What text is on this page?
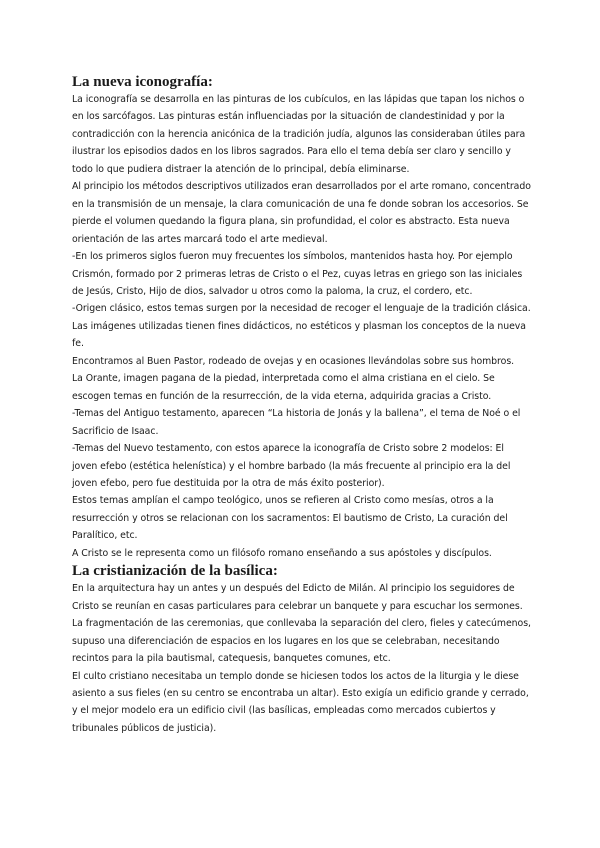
La nueva iconografía:

La iconografía se desarrolla en las pinturas de los cubículos, en las lápidas que tapan los nichos o en los sarcófagos. Las pinturas están influenciadas por la situación de clandestinidad y por la contradicción con la herencia anicónica de la tradición judía, algunos las consideraban útiles para ilustrar los episodios dados en los libros sagrados. Para ello el tema debía ser claro y sencillo y todo lo que pudiera distraer la atención de lo principal, debía eliminarse.

Al principio los métodos descriptivos utilizados eran desarrollados por el arte romano, concentrado en la transmisión de un mensaje, la clara comunicación de una fe donde sobran los accesorios. Se pierde el volumen quedando la figura plana, sin profundidad, el color es abstracto. Esta nueva orientación de las artes marcará todo el arte medieval.

-En los primeros siglos fueron muy frecuentes los símbolos, mantenidos hasta hoy. Por ejemplo Crismón, formado por 2 primeras letras de Cristo o el Pez, cuyas letras en griego son las iniciales de Jesús, Cristo, Hijo de dios, salvador u otros como la paloma, la cruz, el cordero, etc.

-Origen clásico, estos temas surgen por la necesidad de recoger el lenguaje de la tradición clásica. Las imágenes utilizadas tienen fines didácticos, no estéticos y plasman los conceptos de la nueva fe.

Encontramos al Buen Pastor, rodeado de ovejas y en ocasiones llevándolas sobre sus hombros.

La Orante, imagen pagana de la piedad, interpretada como el alma cristiana en el cielo. Se escogen temas en función de la resurrección, de la vida eterna, adquirida gracias a Cristo.

-Temas del Antiguo testamento, aparecen “La historia de Jonás y la ballena”, el tema de Noé o el Sacrificio de Isaac.

-Temas del Nuevo testamento, con estos aparece la iconografía de Cristo sobre 2 modelos: El joven efebo (estética helenística) y el hombre barbado (la más frecuente al principio era la del joven efebo, pero fue destituida por la otra de más éxito posterior).

Estos temas amplían el campo teológico, unos se refieren al Cristo como mesías, otros a la resurrección y otros se relacionan con los sacramentos: El bautismo de Cristo, La curación del Paralítico, etc.

A Cristo se le representa como un filósofo romano enseñando a sus apóstoles y discípulos.

La cristianización de la basílica:

En la arquitectura hay un antes y un después del Edicto de Milán. Al principio los seguidores de Cristo se reunían en casas particulares para celebrar un banquete y para escuchar los sermones. La fragmentación de las ceremonias, que conllevaba la separación del clero, fieles y catecúmenos, supuso una diferenciación de espacios en los lugares en los que se celebraban, necesitando recintos para la pila bautismal, catequesis, banquetes comunes, etc.

El culto cristiano necesitaba un templo donde se hiciesen todos los actos de la liturgia y le diese asiento a sus fieles (en su centro se encontraba un altar). Esto exigía un edificio grande y cerrado, y el mejor modelo era un edificio civil (las basílicas, empleadas como mercados cubiertos y tribunales públicos de justicia).
